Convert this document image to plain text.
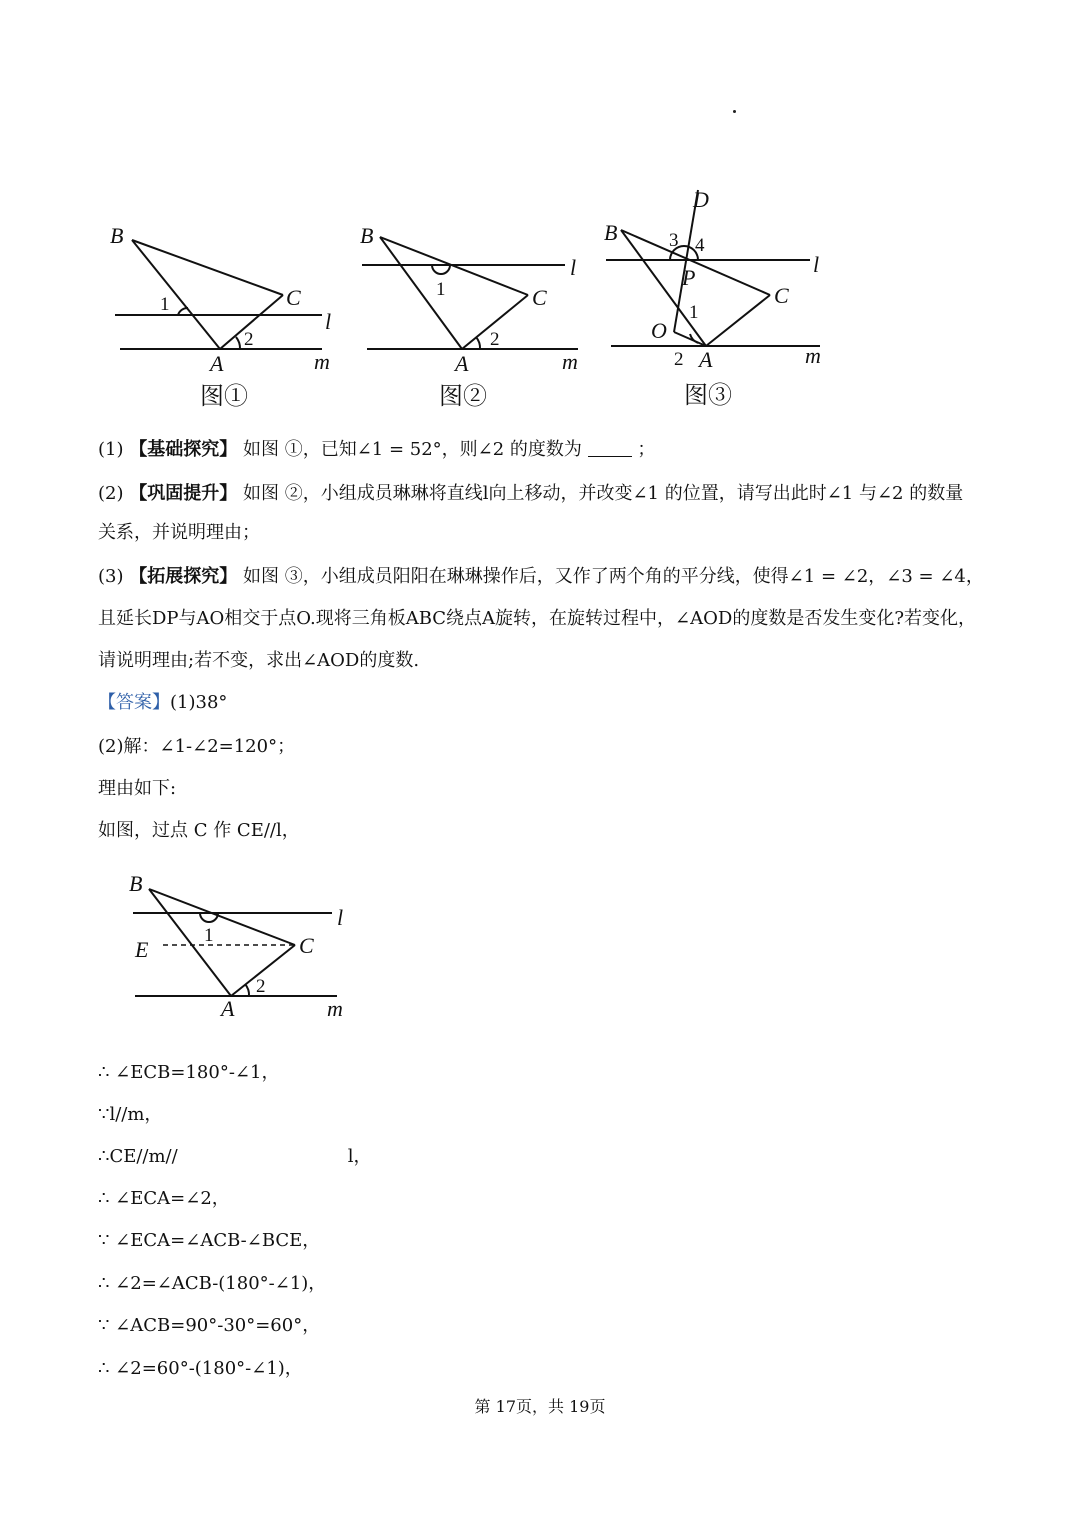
B
C
A
l
m
1
2
图①
B
C
A
l
m
1
2
图②
D
B
P
C
O
A
l
m
1
2
3 4
图③
(1) 【基础探究】 如图 ①，已知∠1 = 52°，则∠2 的度数为	；
(2) 【巩固提升】 如图 ②，小组成员琳琳将直线l向上移动，并改变∠1 的位置，请写出此时∠1 与∠2 的数量
关系，并说明理由；
(3) 【拓展探究】 如图 ③，小组成员阳阳在琳琳操作后，又作了两个角的平分线，使得∠1 = ∠2，∠3 = ∠4，
且延长DP与AO相交于点O.现将三角板ABC绕点A旋转，在旋转过程中，∠AOD的度数是否发生变化?若变化，
请说明理由;若不变，求出∠AOD的度数.
【答案】(1)38°
(2)解：∠1-∠2=120°；
理由如下:
如图，过点 C 作 CE//l，
B
E	C
A
l
m
1
2
∴ ∠ECB=180°-∠1，
∵l//m，
∴CE//m//	l，
∴ ∠ECA=∠2，
∵ ∠ECA=∠ACB-∠BCE，
∴ ∠2=∠ACB-(180°-∠1)，
∵ ∠ACB=90°-30°=60°，
∴ ∠2=60°-(180°-∠1)，
第 17页，共 19页
